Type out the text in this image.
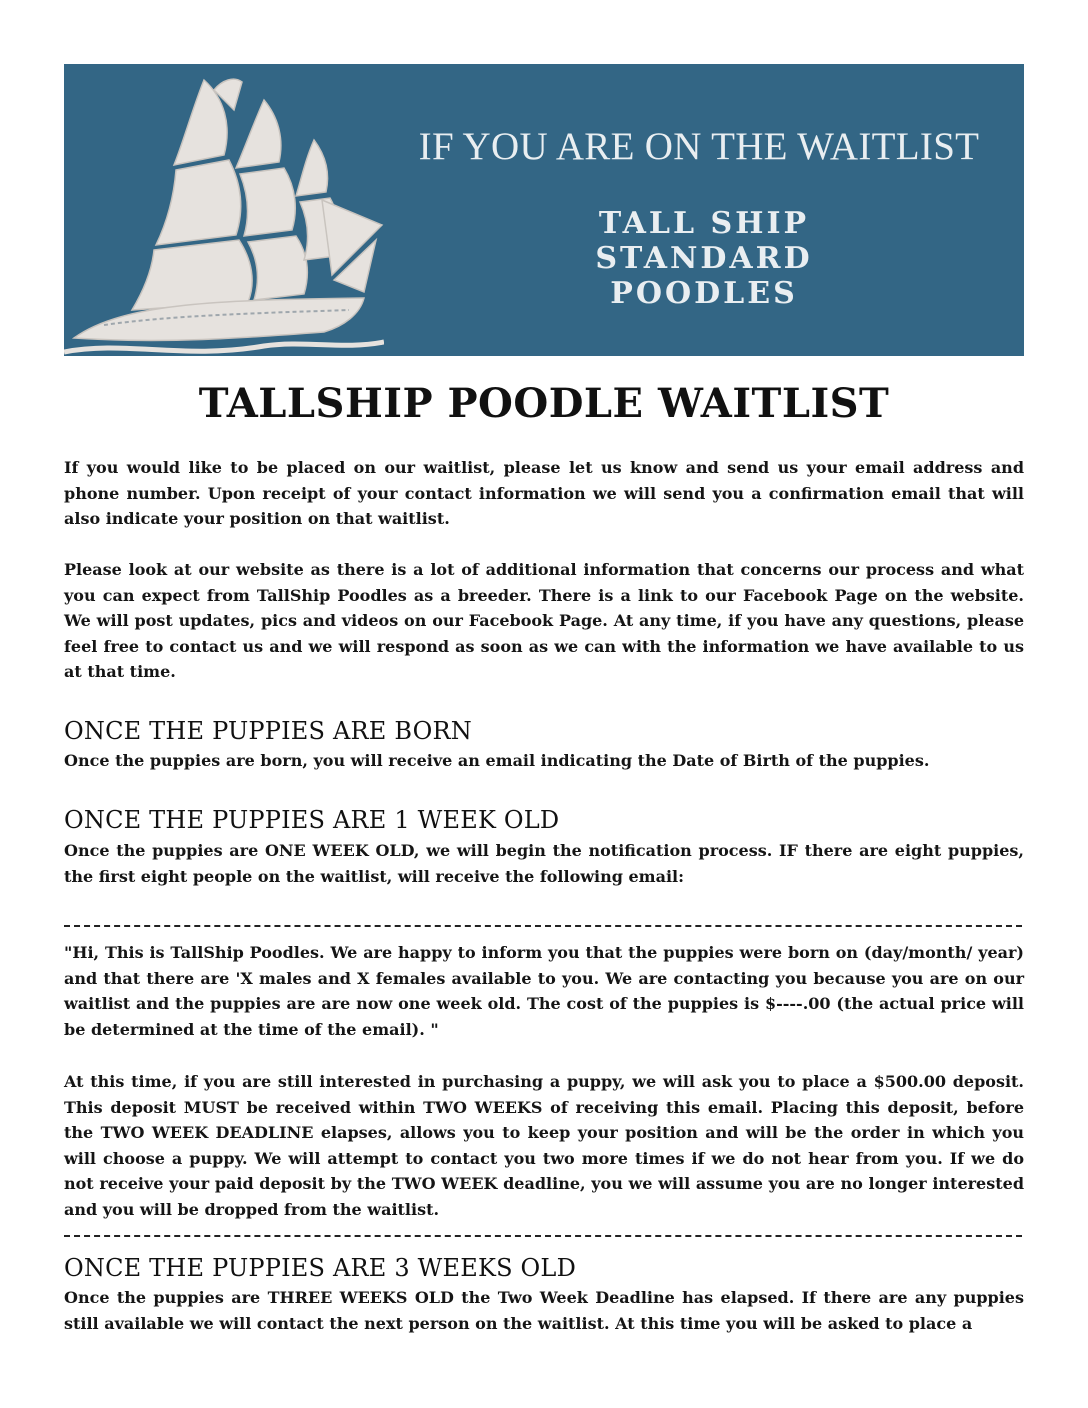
IF YOU ARE ON THE WAITLIST
TALL SHIP
STANDARD
POODLES
TALLSHIP POODLE WAITLIST
If you would like to be placed on our waitlist, please let us know and send us your email address and phone number. Upon receipt of your contact information we will send you a confirmation email that will also indicate your position on that waitlist.
Please look at our website as there is a lot of additional information that concerns our process and what you can expect from TallShip Poodles as a breeder. There is a link to our Facebook Page on the website. We will post updates, pics and videos on our Facebook Page. At any time, if you have any questions, please feel free to contact us and we will respond as soon as we can with the information we have available to us at that time.
ONCE THE PUPPIES ARE BORN
Once the puppies are born, you will receive an email indicating the Date of Birth of the puppies.
ONCE THE PUPPIES ARE 1 WEEK OLD
Once the puppies are ONE WEEK OLD, we will begin the notification process. IF there are eight puppies, the first eight people on the waitlist, will receive the following email:
"Hi, This is TallShip Poodles. We are happy to inform you that the puppies were born on (day/month/ year) and that there are 'X males and X females available to you. We are contacting you because you are on our waitlist and the puppies are are now one week old. The cost of the puppies is $----.00 (the actual price will be determined at the time of the email). "
At this time, if you are still interested in purchasing a puppy, we will ask you to place a $500.00 deposit. This deposit MUST be received within TWO WEEKS of receiving this email. Placing this deposit, before the TWO WEEK DEADLINE elapses, allows you to keep your position and will be the order in which you will choose a puppy. We will attempt to contact you two more times if we do not hear from you. If we do not receive your paid deposit by the TWO WEEK deadline, you we will assume you are no longer interested and you will be dropped from the waitlist.
ONCE THE PUPPIES ARE 3 WEEKS OLD
Once the puppies are THREE WEEKS OLD the Two Week Deadline has elapsed. If there are any puppies still available we will contact the next person on the waitlist. At this time you will be asked to place a
